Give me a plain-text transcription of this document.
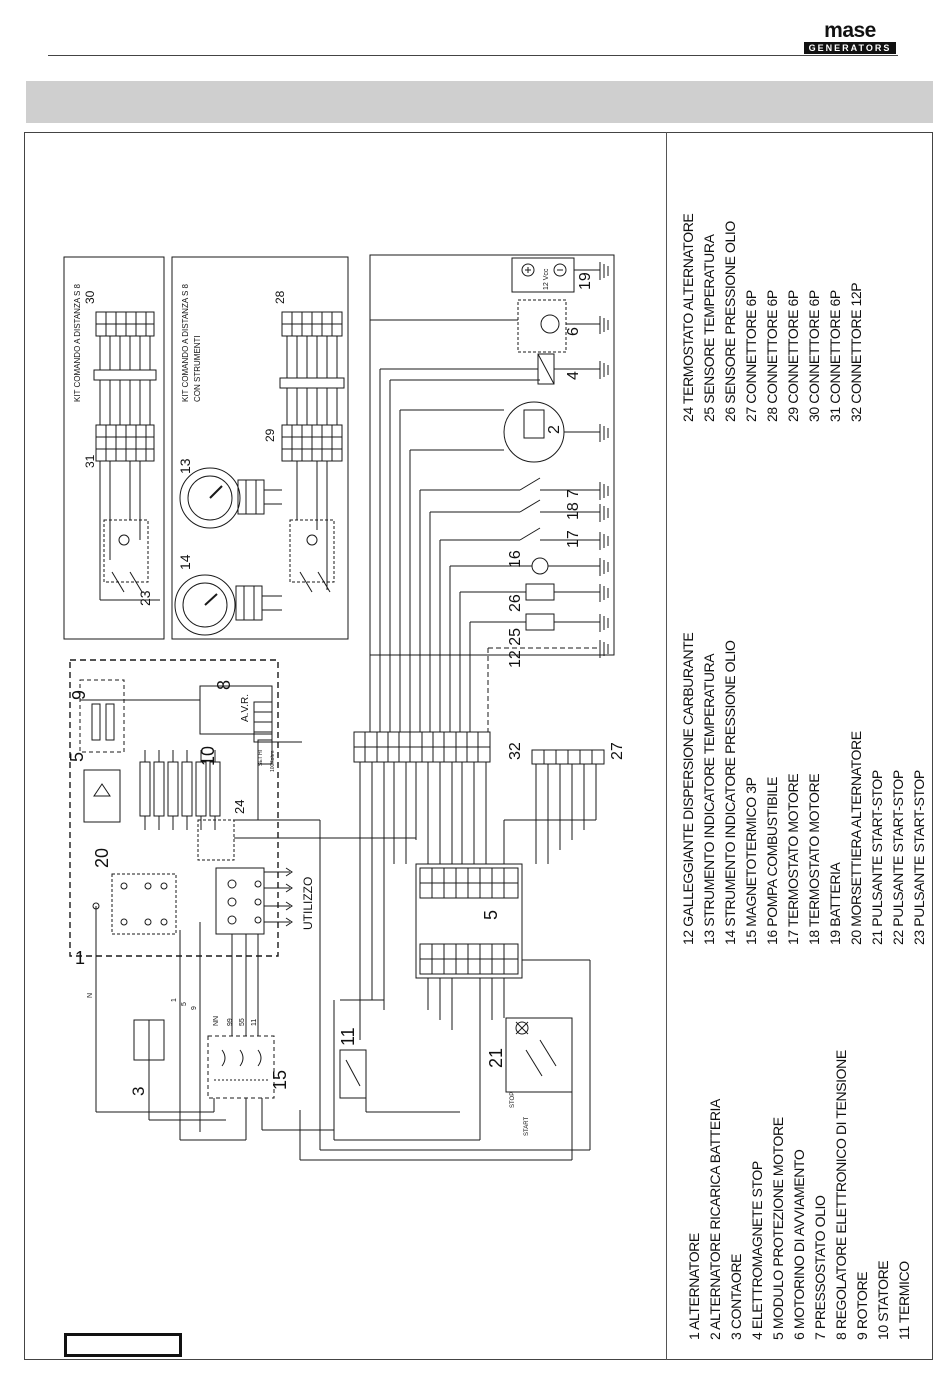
mase
GENERATORS
1
2
3
4
5
5
6
7
8
9
10
11
12 25
13
14
15
16
17
18
19
20
21
23
24
26
27
28
29
30
31
32
KIT COMANDO A DISTANZA S 8	KIT COMANDO A DISTANZA S 8 CON STRUMENTI
UTILIZZO
A.V.R.
12 Vcc
START
STOP
N
NN 99 55 11
1
5
9
SET HI 100Kohm
1 ALTERNATORE 2 ALTERNATORE RICARICA BATTERIA 3 CONTAORE 4 ELETTROMAGNETE STOP 5 MODULO PROTEZIONE MOTORE 6 MOTORINO DI AVVIAMENTO 7 PRESSOSTATO OLIO 8 REGOLATORE ELETTRONICO DI TENSIONE 9 ROTORE 10 STATORE 11 TERMICO
12 GALLEGGIANTE DISPERSIONE CARBURANTE 13 STRUMENTO INDICATORE TEMPERATURA 14 STRUMENTO INDICATORE PRESSIONE OLIO 15 MAGNETOTERMICO 3P 16 POMPA COMBUSTIBILE 17 TERMOSTATO MOTORE 18 TERMOSTATO MOTORE 19 BATTERIA 20 MORSETTIERA ALTERNATORE 21 PULSANTE START-STOP 22 PULSANTE START-STOP 23 PULSANTE START-STOP
24 TERMOSTATO ALTERNATORE 25 SENSORE TEMPERATURA 26 SENSORE PRESSIONE OLIO 27 CONNETTORE 6P 28 CONNETTORE 6P 29 CONNETTORE 6P 30 CONNETTORE 6P 31 CONNETTORE 6P 32 CONNETTORE 12P
